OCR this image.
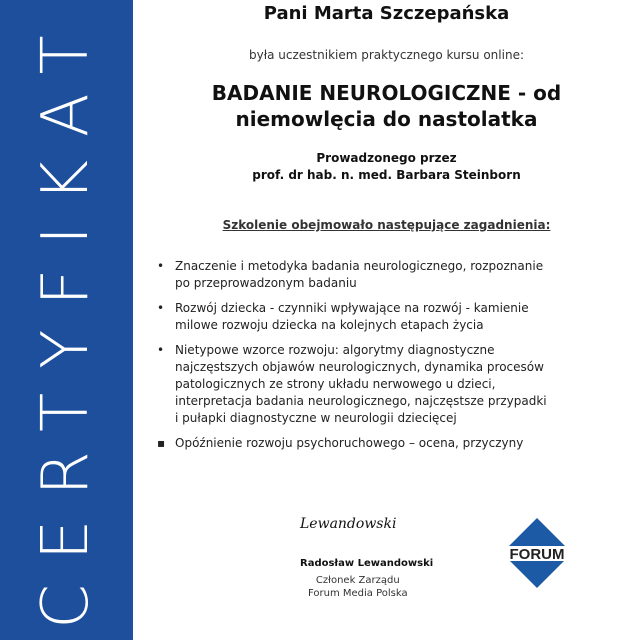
CERTYFIKAT	Pani Marta Szczepańska
była uczestnikiem praktycznego kursu online:
BADANIE NEUROLOGICZNE - od
niemowlęcia do nastolatka
Prowadzonego przez
prof. dr hab. n. med. Barbara Steinborn
Szkolenie obejmowało następujące zagadnienia:
• Znaczenie i metodyka badania neurologicznego, rozpoznanie po przeprowadzonym badaniu
• Rozwój dziecka - czynniki wpływające na rozwój - kamienie milowe rozwoju dziecka na kolejnych etapach życia
• Nietypowe wzorce rozwoju: algorytmy diagnostyczne najczęstszych objawów neurologicznych, dynamika procesów patologicznych ze strony układu nerwowego u dzieci, interpretacja badania neurologicznego, najczęstsze przypadki i pułapki diagnostyczne w neurologii dziecięcej
▪ Opóźnienie rozwoju psychoruchowego – ocena, przyczyny
Lewandowski
Radosław Lewandowski
Członek Zarządu
Forum Media Polska
FORUM
